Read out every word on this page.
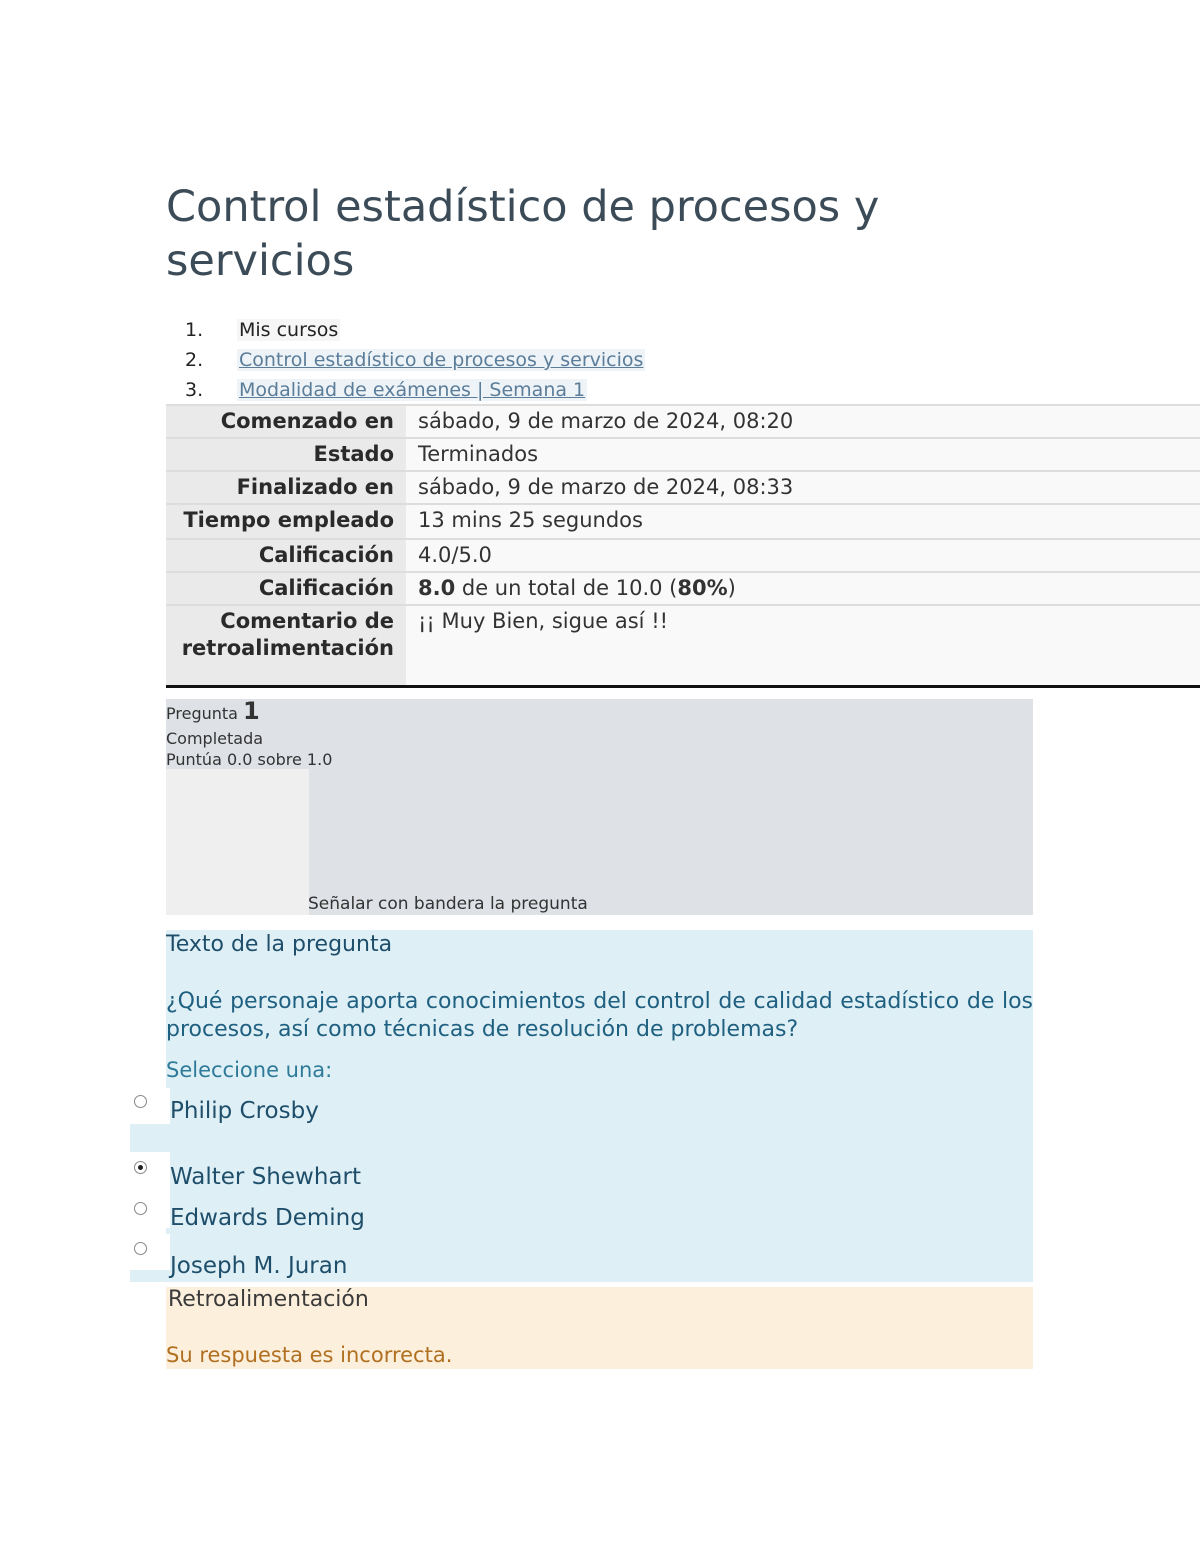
Control estadístico de procesos y servicios
1. Mis cursos
2. Control estadístico de procesos y servicios
3. Modalidad de exámenes | Semana 1
Comenzado en	sábado, 9 de marzo de 2024, 08:20
Estado	Terminados
Finalizado en	sábado, 9 de marzo de 2024, 08:33
Tiempo empleado	13 mins 25 segundos
Calificación	4.0/5.0
Calificación	8.0 de un total de 10.0 (80%)
Comentario de retroalimentación	¡¡ Muy Bien, sigue así !!
Pregunta 1
Completada
Puntúa 0.0 sobre 1.0
Señalar con bandera la pregunta
Texto de la pregunta
¿Qué personaje aporta conocimientos del control de calidad estadístico de los procesos, así como técnicas de resolución de problemas?
Seleccione una:
Philip Crosby
Walter Shewhart
Edwards Deming
Joseph M. Juran
Retroalimentación
Su respuesta es incorrecta.
